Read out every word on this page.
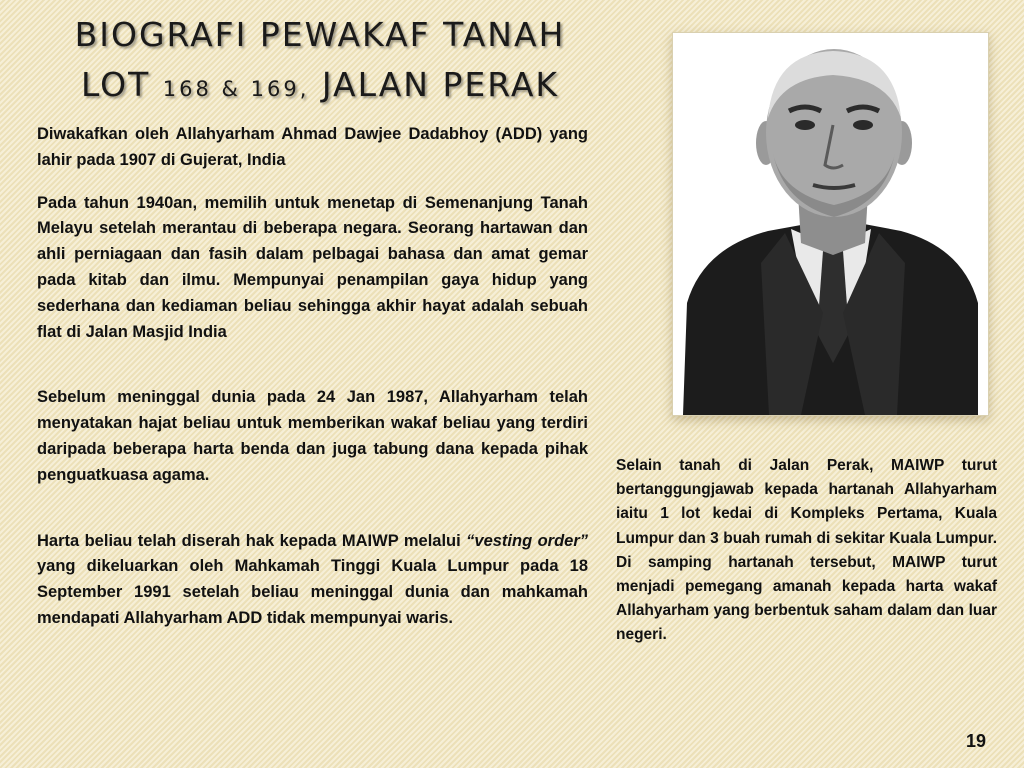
BIOGRAFI PEWAKAF TANAH
LOT 168 & 169, JALAN PERAK

Diwakafkan oleh Allahyarham Ahmad Dawjee Dadabhoy (ADD) yang lahir pada 1907 di Gujerat, India

Pada tahun 1940an, memilih untuk menetap di Semenanjung Tanah Melayu setelah merantau di beberapa negara. Seorang hartawan dan ahli perniagaan dan fasih dalam pelbagai bahasa dan amat gemar pada kitab dan ilmu. Mempunyai penampilan gaya hidup yang sederhana dan kediaman beliau sehingga akhir hayat adalah sebuah flat di Jalan Masjid India

Sebelum meninggal dunia pada 24 Jan 1987, Allahyarham telah menyatakan hajat beliau untuk memberikan wakaf beliau yang terdiri daripada beberapa harta benda dan juga tabung dana kepada pihak penguatkuasa agama.

Harta beliau telah diserah hak kepada MAIWP melalui “vesting order” yang dikeluarkan oleh Mahkamah Tinggi Kuala Lumpur pada 18 September 1991 setelah beliau meninggal dunia dan mahkamah mendapati Allahyarham ADD tidak mempunyai waris.

Selain tanah di Jalan Perak, MAIWP turut bertanggungjawab kepada hartanah Allahyarham iaitu 1 lot kedai di Kompleks Pertama, Kuala Lumpur dan 3 buah rumah di sekitar Kuala Lumpur. Di samping hartanah tersebut, MAIWP turut menjadi pemegang amanah kepada harta wakaf Allahyarham yang berbentuk saham dalam dan luar negeri.

19
